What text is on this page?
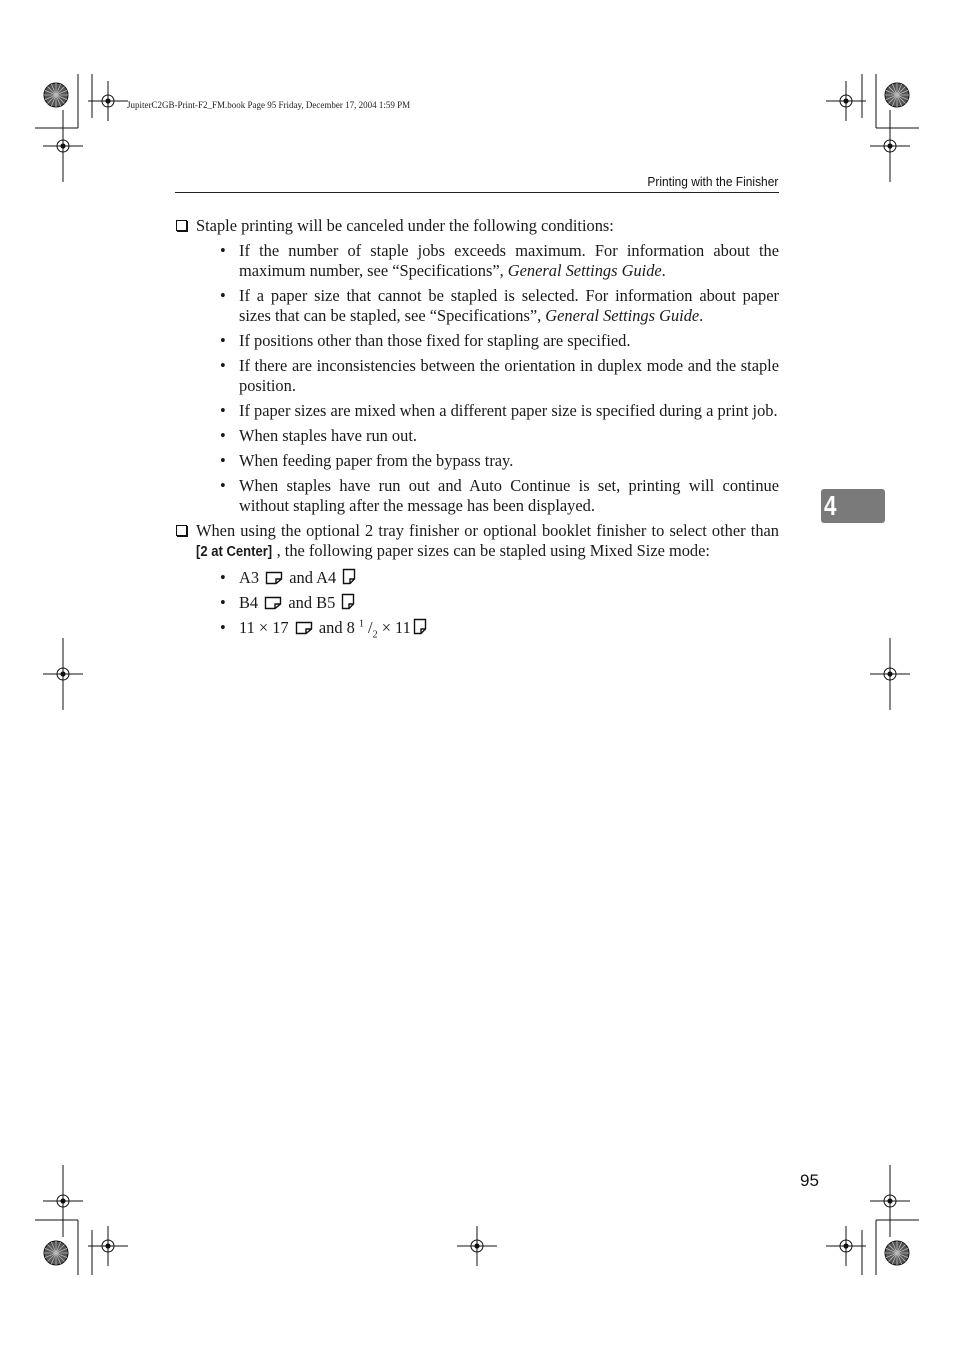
JupiterC2GB-Print-F2_FM.book Page 95 Friday, December 17, 2004 1:59 PM
Printing with the Finisher
Staple printing will be canceled under the following conditions:
• If the number of staple jobs exceeds maximum. For information about the maximum number, see “Specifications”, General Settings Guide.
• If a paper size that cannot be stapled is selected. For information about paper sizes that can be stapled, see “Specifications”, General Settings Guide.
• If positions other than those fixed for stapling are specified.
• If there are inconsistencies between the orientation in duplex mode and the staple position.
• If paper sizes are mixed when a different paper size is specified during a print job.
• When staples have run out.
• When feeding paper from the bypass tray.
• When staples have run out and Auto Continue is set, printing will continue without stapling after the message has been displayed.
When using the optional 2 tray finisher or optional booklet finisher to select other than [2 at Center] , the following paper sizes can be stapled using Mixed Size mode:
• A3 and A4
• B4 and B5
• 11 × 17 and 8 $^1$ $/_2 \times 11$
4
95
